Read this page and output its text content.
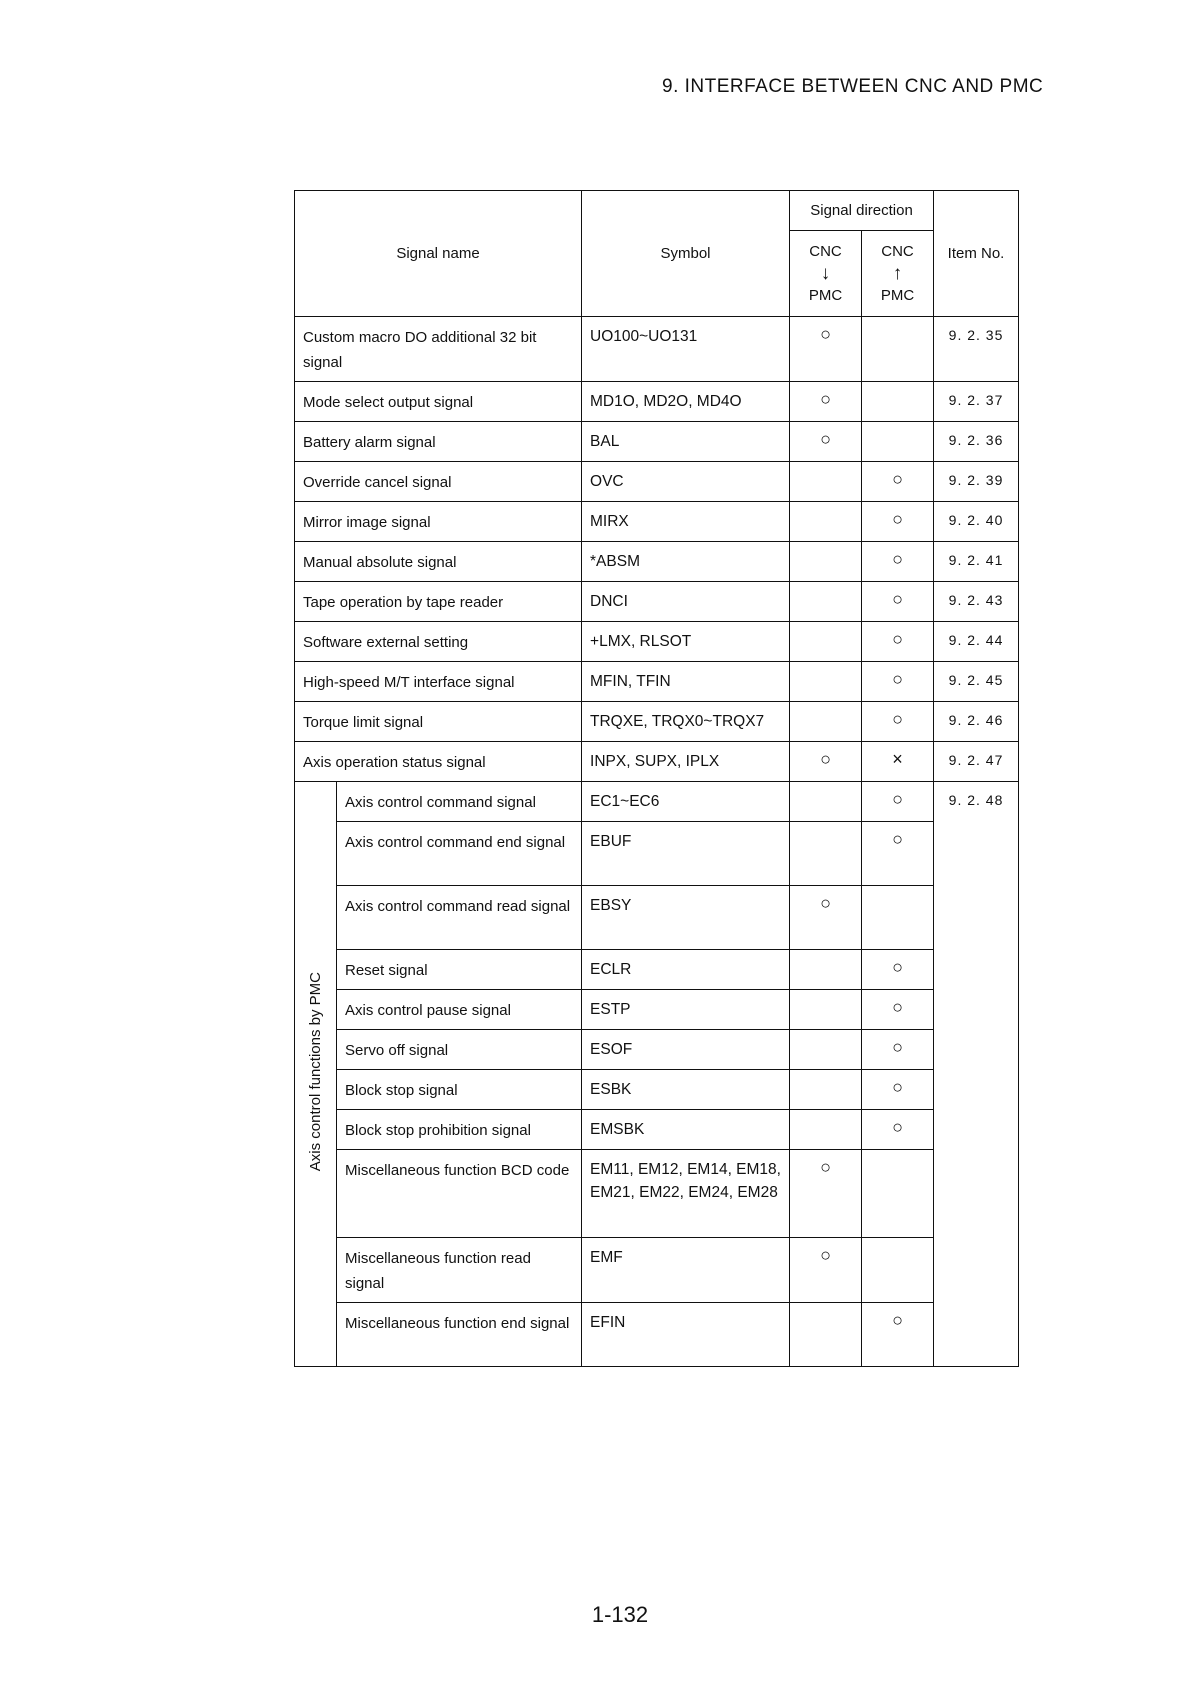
9. INTERFACE BETWEEN CNC AND PMC
Signal name		Symbol	Signal direction		Item No.

			CNC
↓
PMC	CNC
↑
PMC	

Custom macro DO additional 32 bit signal		UO100~UO131	○		9. 2. 35
Mode select output signal		MD1O, MD2O, MD4O	○		9. 2. 37
Battery alarm signal		BAL	○		9. 2. 36
Override cancel signal		OVC		○	9. 2. 39
Mirror image signal		MIRX		○	9. 2. 40
Manual absolute signal		*ABSM		○	9. 2. 41
Tape operation by tape reader		DNCI		○	9. 2. 43
Software external setting		+LMX, RLSOT		○	9. 2. 44
High-speed M/T interface signal		MFIN, TFIN		○	9. 2. 45
Torque limit signal		TRQXE, TRQX0~TRQX7		○	9. 2. 46
Axis operation status signal		INPX, SUPX, IPLX	○	×	9. 2. 47
Axis control functions by PMC	Axis control command signal	EC1~EC6		○	9. 2. 48
	Axis control command end signal	EBUF		○	
	Axis control command read signal	EBSY	○		
	Reset signal	ECLR		○	
	Axis control pause signal	ESTP		○	
	Servo off signal	ESOF		○	
	Block stop signal	ESBK		○	
	Block stop prohibition signal	EMSBK		○	
	Miscellaneous function BCD code	EM11, EM12, EM14, EM18, EM21, EM22, EM24, EM28	○		
	Miscellaneous function read signal	EMF	○		
	Miscellaneous function end signal	EFIN		○	
1-132
